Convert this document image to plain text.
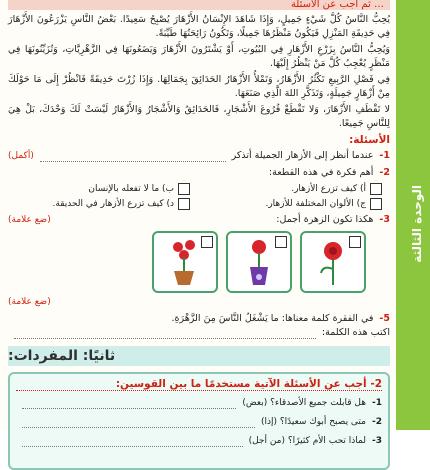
الوحدة الثالثة
… ثم أجب عن الأسئلة

يُحِبُّ النَّاسُ كُلَّ شَيْءٍ جَمِيلٍ، وَإِذَا شَاهَدَ الإِنْسَانُ الأَزْهَارَ يُصْبِحُ سَعِيدًا. بَعْضُ النَّاسِ يَزْرَعُونَ الأَزْهَارَ فِي حَدِيقَةِ المَنْزِلِ فَيَكُونُ مَنْظَرُهَا جَمِيلًا، وَتَكُونُ رَائِحَتُهَا طَيِّبَةً.

وَيُحِبُّ النَّاسُ بِزَرْعِ الأَزْهَارِ فِي البُيُوتِ، أَوْ يَشْتَرُونَ الأَزْهَارَ وَيَضَعُونَهَا فِي الزَّهْرِيَّاتِ، وَتُزَيِّنُونَهَا فِي مَنْظَرٍ يُعْجِبُ كُلَّ مَنْ يَنْظُرُ إِلَيْهَا.

فِي فَصْلِ الرَّبِيعِ تَكْثُرُ الأَزْهَارُ، وَتَمْلأُ الأَزْهَارُ الحَدَائِقَ بِجَمَالِهَا. وَإِذَا زُرْتَ حَدِيقَةً فَانْظُرْ إِلَى مَا حَوْلَكَ مِنْ أَزْهَارٍ جَمِيلَةٍ، وَتَذَكَّرِ اللهَ الَّذِي صَنَعَهَا.

لا تَقْطَفِ الأَزْهَارَ، وَلا تَقْطَعْ فُرُوعَ الأَشْجَارِ، فَالحَدَائِقُ وَالأَشْجَارُ وَالأَزْهَارُ لَيْسَتْ لَكَ وَحْدَكَ، بَلْ هِيَ لِلنَّاسِ جَمِيعًا.

الأسئلة:
1-
عندما أنظر إلى الأزهار الجميلة أتذكر
(أكمل)
2-
أهم فكرة في هذه القطعة:
أ) كيف تزرع الأزهار.
ب) ما لا تفعله بالإنسان
ج) الألوان المختلفة للأزهار.
د) كيف تزرع الأزهار في الحديقة.
3-
هكذا تكون الزهرة أجمل:
(ضع علامة)
(ضع علامة)
5-
في الفقرة كلمة معناها: ما يَشْغَلُ النَّاسَ مِنَ الزَّهْرَةِ.
اكتب هذه الكلمة:
ثانيًا: المفردات:
2- أجب عن الأسئلة الآتية مستخدمًا ما بين القوسين:
1-
هل قابلت جميع الأصدقاء؟ (بعض)
2-
متى يصبح أبوك سعيدًا؟ (إذا)
3-
لماذا تحب الأم كثيرًا؟ (من أجل)
